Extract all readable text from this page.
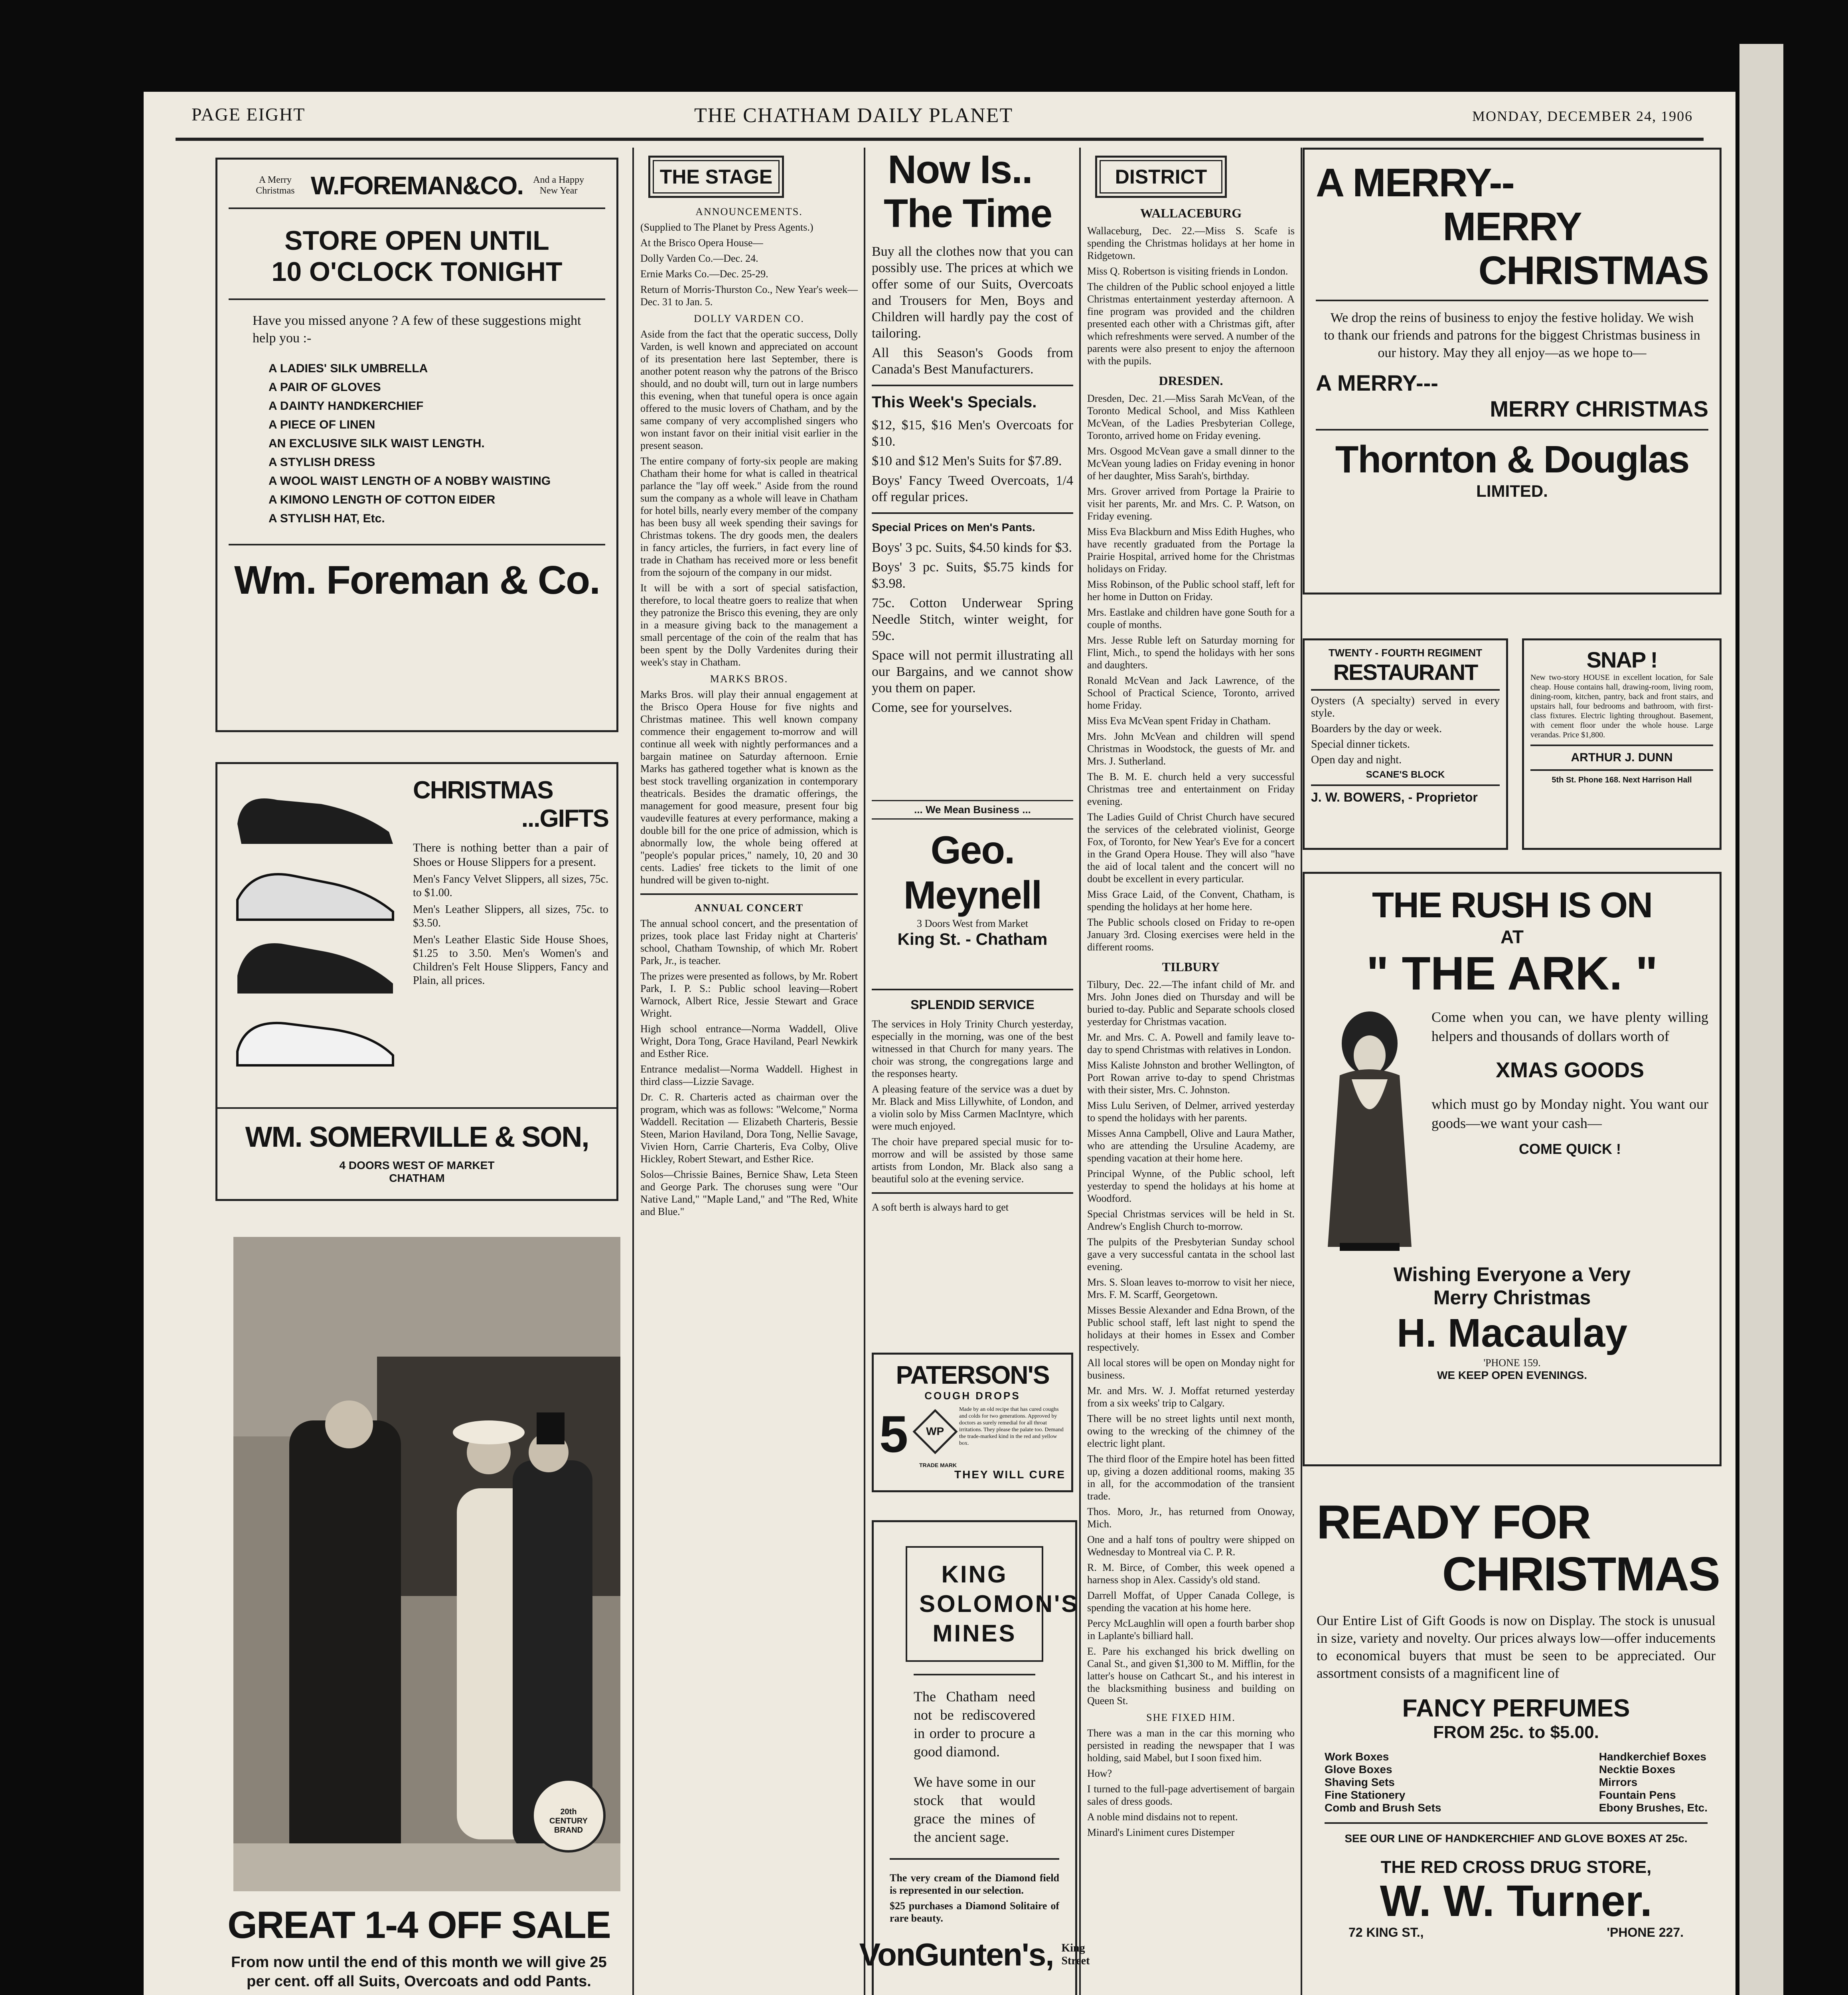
PAGE EIGHT	THE CHATHAM DAILY PLANET	MONDAY, DECEMBER 24, 1906
A Merry Christmas W.FOREMAN&CO. And a Happy New Year
STORE OPEN UNTIL
10 O'CLOCK TONIGHT
Have you missed anyone ? A few of these suggestions might help you :-
A LADIES' SILK UMBRELLA
A PAIR OF GLOVES
A DAINTY HANDKERCHIEF
A PIECE OF LINEN
AN EXCLUSIVE SILK WAIST LENGTH.
A STYLISH DRESS
A WOOL WAIST LENGTH OF A NOBBY WAISTING
A KIMONO LENGTH OF COTTON EIDER
A STYLISH HAT, Etc.
Wm. Foreman & Co.
CHRISTMAS
...GIFTS
There is nothing better than a pair of Shoes or House Slippers for a present.
Men's Fancy Velvet Slippers, all sizes, 75c. to $1.00.
Men's Leather Slippers, all sizes, 75c. to $3.50.
Men's Leather Elastic Side House Shoes, $1.25 to 3.50. Men's Women's and Children's Felt House Slippers, Fancy and Plain, all prices.
WM. SOMERVILLE & SON,
4 DOORS WEST OF MARKET
CHATHAM
20th CENTURY BRAND
GREAT 1-4 OFF SALE
From now until the end of this month we will give 25 per cent. off all Suits, Overcoats and odd Pants.
THE STAGE
ANNOUNCEMENTS.
(Supplied to The Planet by Press Agents.)
At the Brisco Opera House—
Dolly Varden Co.—Dec. 24.
Ernie Marks Co.—Dec. 25-29.
Return of Morris-Thurston Co., New Year's week—Dec. 31 to Jan. 5.
DOLLY VARDEN CO.
Aside from the fact that the operatic success, Dolly Varden, is well known and appreciated on account of its presentation here last September, there is another potent reason why the patrons of the Brisco should, and no doubt will, turn out in large numbers this evening, when that tuneful opera is once again offered to the music lovers of Chatham, and by the same company of very accomplished singers who won instant favor on their initial visit earlier in the present season.
The entire company of forty-six people are making Chatham their home for what is called in theatrical parlance the "lay off week." Aside from the round sum the company as a whole will leave in Chatham for hotel bills, nearly every member of the company has been busy all week spending their savings for Christmas tokens. The dry goods men, the dealers in fancy articles, the furriers, in fact every line of trade in Chatham has received more or less benefit from the sojourn of the company in our midst.
It will be with a sort of special satisfaction, therefore, to local theatre goers to realize that when they patronize the Brisco this evening, they are only in a measure giving back to the management a small percentage of the coin of the realm that has been spent by the Dolly Vardenites during their week's stay in Chatham.
MARKS BROS.
Marks Bros. will play their annual engagement at the Brisco Opera House for five nights and Christmas matinee. This well known company commence their engagement to-morrow and will continue all week with nightly performances and a bargain matinee on Saturday afternoon. Ernie Marks has gathered together what is known as the best stock travelling organization in contemporary theatricals. Besides the dramatic offerings, the management for good measure, present four big vaudeville features at every performance, making a double bill for the one price of admission, which is abnormally low, the whole being offered at "people's popular prices," namely, 10, 20 and 30 cents. Ladies' free tickets to the limit of one hundred will be given to-night.
ANNUAL CONCERT
The annual school concert, and the presentation of prizes, took place last Friday night at Charteris' school, Chatham Township, of which Mr. Robert Park, Jr., is teacher.
The prizes were presented as follows, by Mr. Robert Park, I. P. S.: Public school leaving—Robert Warnock, Albert Rice, Jessie Stewart and Grace Wright.
High school entrance—Norma Waddell, Olive Wright, Dora Tong, Grace Haviland, Pearl Newkirk and Esther Rice.
Entrance medalist—Norma Waddell. Highest in third class—Lizzie Savage.
Dr. C. R. Charteris acted as chairman over the program, which was as follows: "Welcome," Norma Waddell. Recitation — Elizabeth Charteris, Bessie Steen, Marion Haviland, Dora Tong, Nellie Savage, Vivien Horn, Carrie Charteris, Eva Colby, Olive Hickley, Robert Stewart, and Esther Rice.
Solos—Chrissie Baines, Bernice Shaw, Leta Steen and George Park. The choruses sung were "Our Native Land," "Maple Land," and "The Red, White and Blue."
Now Is..
The Time
Buy all the clothes now that you can possibly use. The prices at which we offer some of our Suits, Overcoats and Trousers for Men, Boys and Children will hardly pay the cost of tailoring.
All this Season's Goods from Canada's Best Manufacturers.
This Week's Specials.
$12, $15, $16 Men's Overcoats for $10.
$10 and $12 Men's Suits for $7.89.
Boys' Fancy Tweed Overcoats, 1/4 off regular prices.
Special Prices on Men's Pants.
Boys' 3 pc. Suits, $4.50 kinds for $3.
Boys' 3 pc. Suits, $5.75 kinds for $3.98.
75c. Cotton Underwear Spring Needle Stitch, winter weight, for 59c.
Space will not permit illustrating all our Bargains, and we cannot show you them on paper.
Come, see for yourselves.
... We Mean Business ...
Geo. Meynell
3 Doors West from Market
King St. - Chatham
SPLENDID SERVICE
The services in Holy Trinity Church yesterday, especially in the morning, was one of the best witnessed in that Church for many years. The choir was strong, the congregations large and the responses hearty.
A pleasing feature of the service was a duet by Mr. Black and Miss Lillywhite, of London, and a violin solo by Miss Carmen MacIntyre, which were much enjoyed.
The choir have prepared special music for to-morrow and will be assisted by those same artists from London, Mr. Black also sang a beautiful solo at the evening service.
A soft berth is always hard to get
PATERSON'S
COUGH DROPS
5	WP
Made by an old recipe that has cured coughs and colds for two generations. Approved by doctors as surely remedial for all throat irritations. They please the palate too. Demand the trade-marked kind in the red and yellow box.
TRADE MARK
THEY WILL CURE
KING SOLOMON'S MINES
The Chatham need not be rediscovered in order to procure a good diamond.
We have some in our stock that would grace the mines of the ancient sage.
The very cream of the Diamond field is represented in our selection.
$25 purchases a Diamond Solitaire of rare beauty.
VonGunten's, King Street
DISTRICT
WALLACEBURG
Wallaceburg, Dec. 22.—Miss S. Scafe is spending the Christmas holidays at her home in Ridgetown.
Miss Q. Robertson is visiting friends in London.
The children of the Public school enjoyed a little Christmas entertainment yesterday afternoon. A fine program was provided and the children presented each other with a Christmas gift, after which refreshments were served. A number of the parents were also present to enjoy the afternoon with the pupils.
DRESDEN.
Dresden, Dec. 21.—Miss Sarah McVean, of the Toronto Medical School, and Miss Kathleen McVean, of the Ladies Presbyterian College, Toronto, arrived home on Friday evening.
Mrs. Osgood McVean gave a small dinner to the McVean young ladies on Friday evening in honor of her daughter, Miss Sarah's, birthday.
Mrs. Grover arrived from Portage la Prairie to visit her parents, Mr. and Mrs. C. P. Watson, on Friday evening.
Miss Eva Blackburn and Miss Edith Hughes, who have recently graduated from the Portage la Prairie Hospital, arrived home for the Christmas holidays on Friday.
Miss Robinson, of the Public school staff, left for her home in Dutton on Friday.
Mrs. Eastlake and children have gone South for a couple of months.
Mrs. Jesse Ruble left on Saturday morning for Flint, Mich., to spend the holidays with her sons and daughters.
Ronald McVean and Jack Lawrence, of the School of Practical Science, Toronto, arrived home Friday.
Miss Eva McVean spent Friday in Chatham.
Mrs. John McVean and children will spend Christmas in Woodstock, the guests of Mr. and Mrs. J. Sutherland.
The B. M. E. church held a very successful Christmas tree and entertainment on Friday evening.
The Ladies Guild of Christ Church have secured the services of the celebrated violinist, George Fox, of Toronto, for New Year's Eve for a concert in the Grand Opera House. They will also "have the aid of local talent and the concert will no doubt be excellent in every particular.
Miss Grace Laid, of the Convent, Chatham, is spending the holidays at her home here.
The Public schools closed on Friday to re-open January 3rd. Closing exercises were held in the different rooms.
TILBURY
Tilbury, Dec. 22.—The infant child of Mr. and Mrs. John Jones died on Thursday and will be buried to-day. Public and Separate schools closed yesterday for Christmas vacation.
Mr. and Mrs. C. A. Powell and family leave to-day to spend Christmas with relatives in London.
Miss Kaliste Johnston and brother Wellington, of Port Rowan arrive to-day to spend Christmas with their sister, Mrs. C. Johnston.
Miss Lulu Seriven, of Delmer, arrived yesterday to spend the holidays with her parents.
Misses Anna Campbell, Olive and Laura Mather, who are attending the Ursuline Academy, are spending vacation at their home here.
Principal Wynne, of the Public school, left yesterday to spend the holidays at his home at Woodford.
Special Christmas services will be held in St. Andrew's English Church to-morrow.
The pulpits of the Presbyterian Sunday school gave a very successful cantata in the school last evening.
Mrs. S. Sloan leaves to-morrow to visit her niece, Mrs. F. M. Scarff, Georgetown.
Misses Bessie Alexander and Edna Brown, of the Public school staff, left last night to spend the holidays at their homes in Essex and Comber respectively.
All local stores will be open on Monday night for business.
Mr. and Mrs. W. J. Moffat returned yesterday from a six weeks' trip to Calgary.
There will be no street lights until next month, owing to the wrecking of the chimney of the electric light plant.
The third floor of the Empire hotel has been fitted up, giving a dozen additional rooms, making 35 in all, for the accommodation of the transient trade.
Thos. Moro, Jr., has returned from Onoway, Mich.
One and a half tons of poultry were shipped on Wednesday to Montreal via C. P. R.
R. M. Birce, of Comber, this week opened a harness shop in Alex. Cassidy's old stand.
Darrell Moffat, of Upper Canada College, is spending the vacation at his home here.
Percy McLaughlin will open a fourth barber shop in Laplante's billiard hall.
E. Pare his exchanged his brick dwelling on Canal St., and given $1,300 to M. Mifflin, for the latter's house on Cathcart St., and his interest in the blacksmithing business and building on Queen St.
SHE FIXED HIM.
There was a man in the car this morning who persisted in reading the newspaper that I was holding, said Mabel, but I soon fixed him.
How?
I turned to the full-page advertisement of bargain sales of dress goods.
A noble mind disdains not to repent.
Minard's Liniment cures Distemper
A MERRY--
MERRY
CHRISTMAS
We drop the reins of business to enjoy the festive holiday. We wish to thank our friends and patrons for the biggest Christmas business in our history. May they all enjoy—as we hope to—
A MERRY---
MERRY CHRISTMAS
Thornton & Douglas
LIMITED.
TWENTY - FOURTH REGIMENT
RESTAURANT
Oysters (A specialty) served in every style.
Boarders by the day or week.
Special dinner tickets.
Open day and night.
SCANE'S BLOCK
J. W. BOWERS, - Proprietor
SNAP !
New two-story HOUSE in excellent location, for Sale cheap. House contains hall, drawing-room, living room, dining-room, kitchen, pantry, back and front stairs, and upstairs hall, four bedrooms and bathroom, with first-class fixtures. Electric lighting throughout. Basement, with cement floor under the whole house. Large verandas. Price $1,800.
ARTHUR J. DUNN
5th St. Phone 168. Next Harrison Hall
THE RUSH IS ON
AT
" THE ARK. "
Come when you can, we have plenty willing helpers and thousands of dollars worth of
XMAS GOODS
which must go by Monday night. You want our goods—we want your cash—
COME QUICK !
Wishing Everyone a Very
Merry Christmas
H. Macaulay
'PHONE 159.
WE KEEP OPEN EVENINGS.
READY FOR
CHRISTMAS
Our Entire List of Gift Goods is now on Display. The stock is unusual in size, variety and novelty. Our prices always low—offer inducements to economical buyers that must be seen to be appreciated. Our assortment consists of a magnificent line of
FANCY PERFUMES
FROM 25c. to $5.00.
Work Boxes
Glove Boxes
Shaving Sets
Fine Stationery
Comb and Brush Sets
Handkerchief Boxes
Necktie Boxes
Mirrors
Fountain Pens
Ebony Brushes, Etc.
SEE OUR LINE OF HANDKERCHIEF AND GLOVE BOXES AT 25c.
THE RED CROSS DRUG STORE,
W. W. Turner.
72 KING ST.,	'PHONE 227.
